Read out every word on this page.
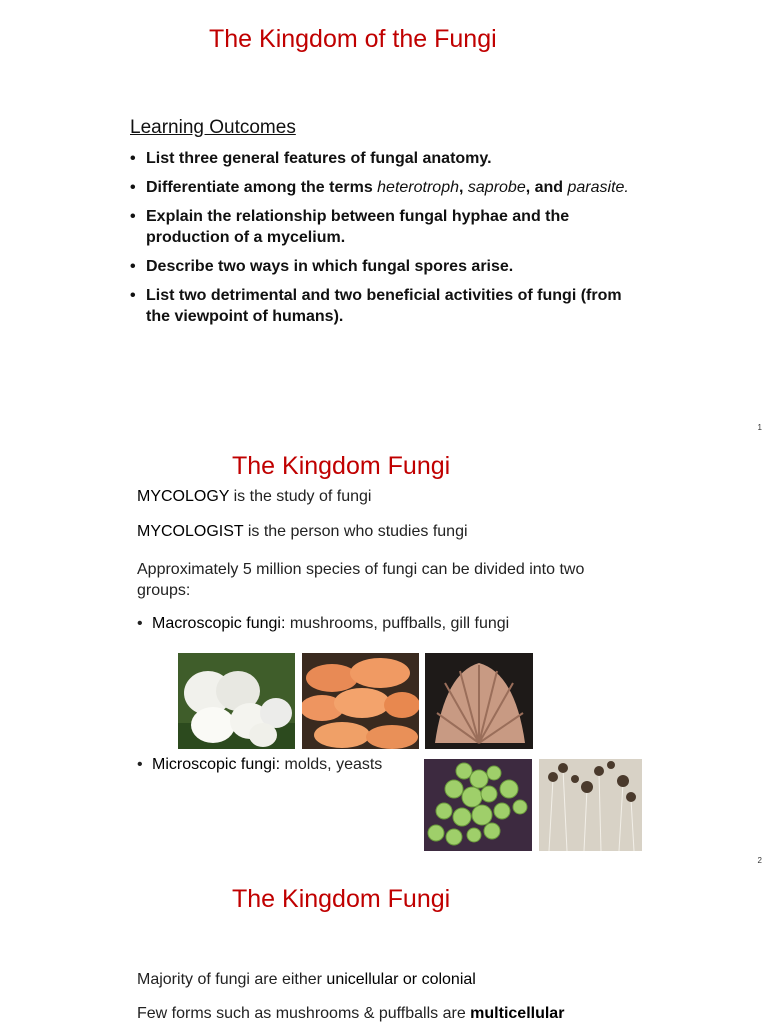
The Kingdom of the Fungi
Learning Outcomes
• List three general features of fungal anatomy.
• Differentiate among the terms heterotroph, saprobe, and parasite.
• Explain the relationship between fungal hyphae and the production of a mycelium.
• Describe two ways in which fungal spores arise.
• List two detrimental and two beneficial activities of fungi (from the viewpoint of humans).
1
The Kingdom Fungi
MYCOLOGY is the study of fungi
MYCOLOGIST is the person who studies fungi
Approximately 5 million species of fungi can be divided into two groups:
• Macroscopic fungi: mushrooms, puffballs, gill fungi
• Microscopic fungi: molds, yeasts
2
The Kingdom Fungi
Majority of fungi are either unicellular or colonial
Few forms such as mushrooms & puffballs are multicellular
